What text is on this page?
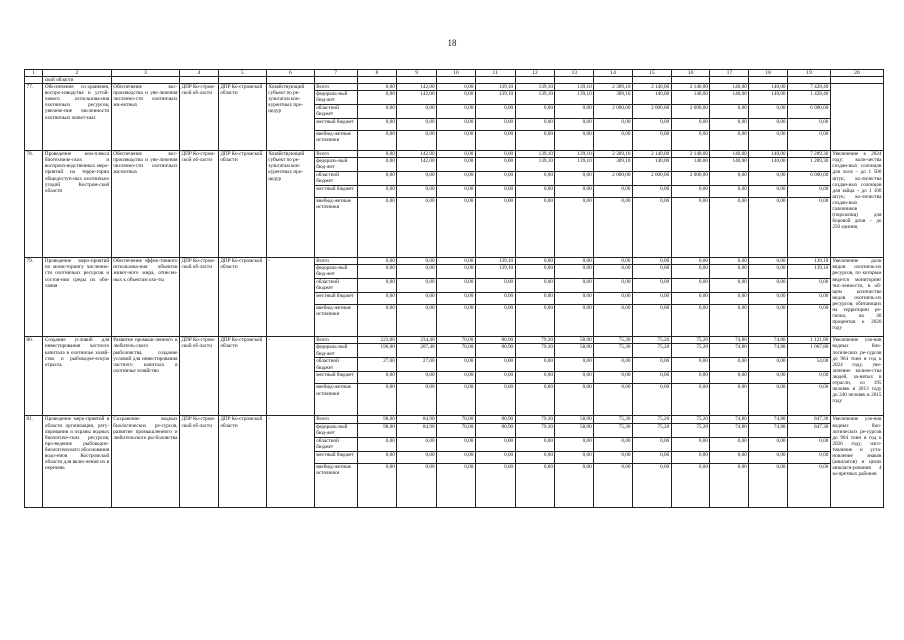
18
1	2	3	4	5	6	7	8	9	10	11	12	13	14	15	16	17	18	19	20
	ской области																		
77.	Обеспечение со-хранения, воспро-изводства и устой-чивого использова-ния охотничьих ресурсов, увеличе-ние численности охотничьих живот-ных	Обеспечение вос-производства и уве-личения численно-сти охотничьих жи-вотных	ДПР Ко-стром-ской об-ласти	ДПР Ко-стромской области	Хозяйствующий субъект по ре-зультатам кон-курентных про-цедур	Всего	0,00	142,00	0,00	139,10	139,10	139,10	2 309,10	2 140,00	2 140,00	140,00	140,00	7 428,40	
						федераль-ный бюд-жет	0,00	142,00	0,00	139,10	139,10	139,10	309,10	140,00	140,00	140,00	140,00	1 428,40	
						областной бюджет	0,00	0,00	0,00	0,00	0,00	0,00	2 000,00	2 000,00	2 000,00	0,00	0,00	6 000,00	
						местный бюджет	0,00	0,00	0,00	0,00	0,00	0,00	0,00	0,00	0,00	0,00	0,00	0,00	
						внебюд-жетные источники	0,00	0,00	0,00	0,00	0,00	0,00	0,00	0,00	0,00	0,00	0,00	0,00	
78.	Проведение ком-плекса биотехниче-ских и воспроиз-водственных меро-приятий на терри-тории общедоступ-ных охотничьих угодий Костром-ской области	Обеспечение вос-производства и уве-личения численно-сти охотничьих жи-вотных	ДПР Ко-стром-ской об-ласти	ДПР Ко-стромской области	Хозяйствующий субъект по ре-зультатам кон-курентных про-цедур	Всего	0,00	142,00	0,00	0,00	139,10	139,10	2 309,10	2 140,00	2 140,00	140,00	140,00	7 289,30	Увеличение к 2024 году: коли-чества создан-ных солонцов для лося – до 1 500 штук; ко-личества создан-ных солонцов для зайца – до 1 100 штук; ко-личества создан-ных галечников (порхалищ) для боровой дичи – до 250 единиц
						федераль-ный бюд-жет	0,00	142,00	0,00	0,00	139,10	139,10	309,10	140,00	140,00	140,00	140,00	1 289,30	
						областной бюджет	0,00	0,00	0,00	0,00	0,00	0,00	2 000,00	2 000,00	2 000,00	0,00	0,00	6 000,00	
						местный бюджет	0,00	0,00	0,00	0,00	0,00	0,00	0,00	0,00	0,00	0,00	0,00	0,00	
						внебюд-жетные источники	0,00	0,00	0,00	0,00	0,00	0,00	0,00	0,00	0,00	0,00	0,00	0,00	
79.	Проведение меро-приятий по мони-торингу численно-сти охотничьих ресурсов и состоя-ния среды их оби-тания	Обеспечение эффек-тивного использова-ния объектов живот-ного мира, отнесен-ных к объектам охо-ты	ДПР Ко-стром-ской об-ласти	ДПР Ко-стромской области	-	Всего	0,00	0,00	0,00	139,10	0,00	0,00	0,00	0,00	0,00	0,00	0,00	139,10	Увеличение доли видов охотничь-их ресурсов, по которым ведется мониторинг чис-ленности, в об-щем количестве видов охотничь-их ресурсов, обитающих на территории ре-гиона, на 40 процентов к 2020 году
						федераль-ный бюд-жет	0,00	0,00	0,00	139,10	0,00	0,00	0,00	0,00	0,00	0,00	0,00	139,10	
						областной бюджет	0,00	0,00	0,00	0,00	0,00	0,00	0,00	0,00	0,00	0,00	0,00	0,00	
						местный бюджет	0,00	0,00	0,00	0,00	0,00	0,00	0,00	0,00	0,00	0,00	0,00	0,00	
						внебюд-жетные источники	0,00	0,00	0,00	0,00	0,00	0,00	0,00	0,00	0,00	0,00	0,00	0,00	
80.	Создание условий для инвестирования частного капитала в охотничье хозяй-ство и рыбоводче-ескую отрасль	Развитие промыш-ленного и любитель-ского рыболовства, создание условий для инвестирования частного капитала в охотничье хозяйство	ДПР Ко-стром-ской об-ласти	ДПР Ко-стромской области	-	Всего	223,00	234,40	70,00	80,90	79,30	58,90	75,30	75,20	75,20	74,80	74,80	1 121,80	Увеличение уло-вов водных био-логических ре-сурсов до 964 тонн в год к 2024 году, уве-личение количе-ства людей, за-нятых в отрасли, со 195 человек в 2013 году до 240 человек в 2015 году
						федераль-ный бюд-жет	196,00	207,40	70,00	80,90	79,30	58,90	75,30	75,20	75,20	74,80	74,80	1 067,80	
						областной бюджет	27,00	27,00	0,00	0,00	0,00	0,00	0,00	0,00	0,00	0,00	0,00	54,00	
						местный бюджет	0,00	0,00	0,00	0,00	0,00	0,00	0,00	0,00	0,00	0,00	0,00	0,00	
						внебюд-жетные источники	0,00	0,00	0,00	0,00	0,00	0,00	0,00	0,00	0,00	0,00	0,00	0,00	
81.	Проведение меро-приятий в области организации, регу-лирования и охраны водных биологиче-ских ресурсов, про-ведение рыбоводно-биологического обоснования водо-емов Костромской области для вклю-чения их в перечень	Сохранение водных биологических ре-сурсов, развитие промышленного и любительского ры-боловства	ДПР Ко-стром-ской об-ласти	ДПР Ко-стромской области	-	Всего	98,00	84,90	70,00	80,90	79,30	58,90	75,30	75,20	75,20	74,80	74,80	847,30	Увеличение уло-вов водных био-логических ре-сурсов до 964 тонн в год к 2020 году, изго-товление и уста-новление знаков (аншлагов) в целях аншлаги-рования 4 за-претных районов
						федераль-ный бюд-жет	98,00	84,90	70,00	80,90	79,30	58,90	75,30	75,20	75,20	74,80	74,80	847,30	
						областной бюджет	0,00	0,00	0,00	0,00	0,00	0,00	0,00	0,00	0,00	0,00	0,00	0,00	
						местный бюджет	0,00	0,00	0,00	0,00	0,00	0,00	0,00	0,00	0,00	0,00	0,00	0,00	
						внебюд-жетные источники	0,00	0,00	0,00	0,00	0,00	0,00	0,00	0,00	0,00	0,00	0,00	0,00	
